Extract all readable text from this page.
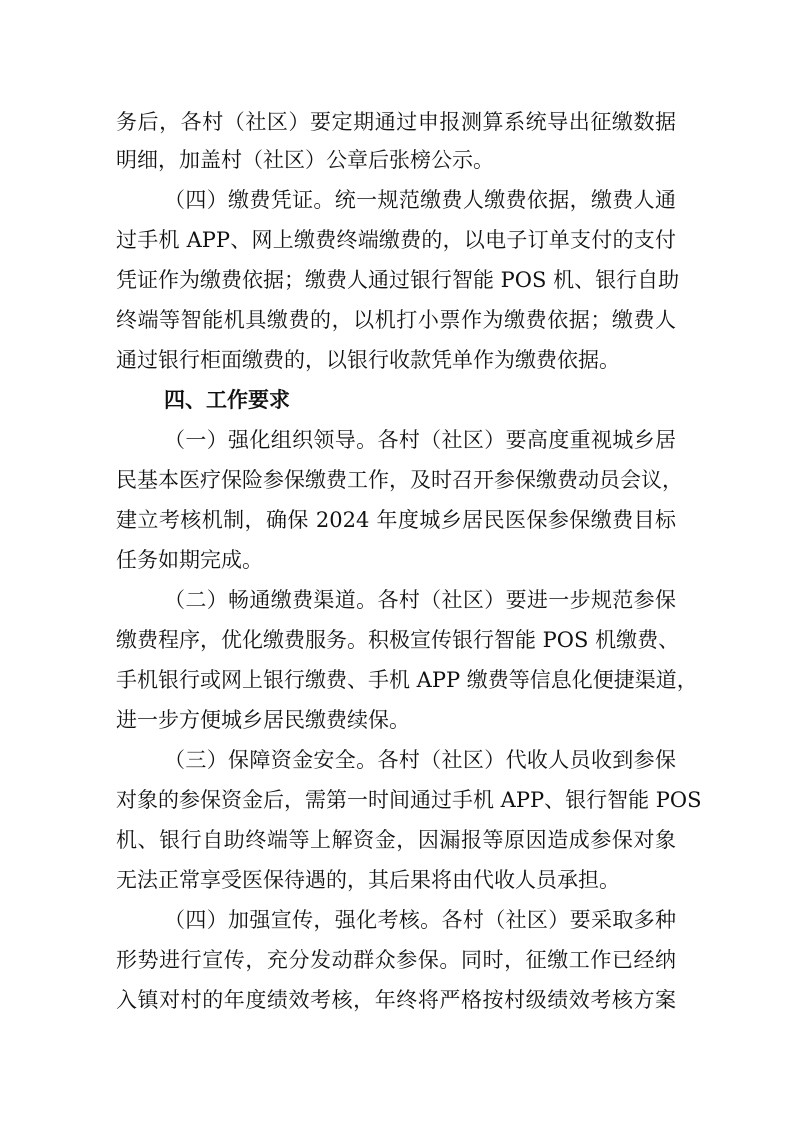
务后，各村（社区）要定期通过申报测算系统导出征缴数据
明细，加盖村（社区）公章后张榜公示。
（四）缴费凭证。统一规范缴费人缴费依据，缴费人通
过手机 APP、网上缴费终端缴费的，以电子订单支付的支付
凭证作为缴费依据；缴费人通过银行智能 POS 机、银行自助
终端等智能机具缴费的，以机打小票作为缴费依据；缴费人
通过银行柜面缴费的，以银行收款凭单作为缴费依据。
四、工作要求
（一）强化组织领导。各村（社区）要高度重视城乡居
民基本医疗保险参保缴费工作，及时召开参保缴费动员会议，
建立考核机制，确保 2024 年度城乡居民医保参保缴费目标
任务如期完成。
（二）畅通缴费渠道。各村（社区）要进一步规范参保
缴费程序，优化缴费服务。积极宣传银行智能 POS 机缴费、
手机银行或网上银行缴费、手机 APP 缴费等信息化便捷渠道，
进一步方便城乡居民缴费续保。
（三）保障资金安全。各村（社区）代收人员收到参保
对象的参保资金后，需第一时间通过手机 APP、银行智能 POS
机、银行自助终端等上解资金，因漏报等原因造成参保对象
无法正常享受医保待遇的，其后果将由代收人员承担。
（四）加强宣传，强化考核。各村（社区）要采取多种
形势进行宣传，充分发动群众参保。同时，征缴工作已经纳
入镇对村的年度绩效考核，年终将严格按村级绩效考核方案
